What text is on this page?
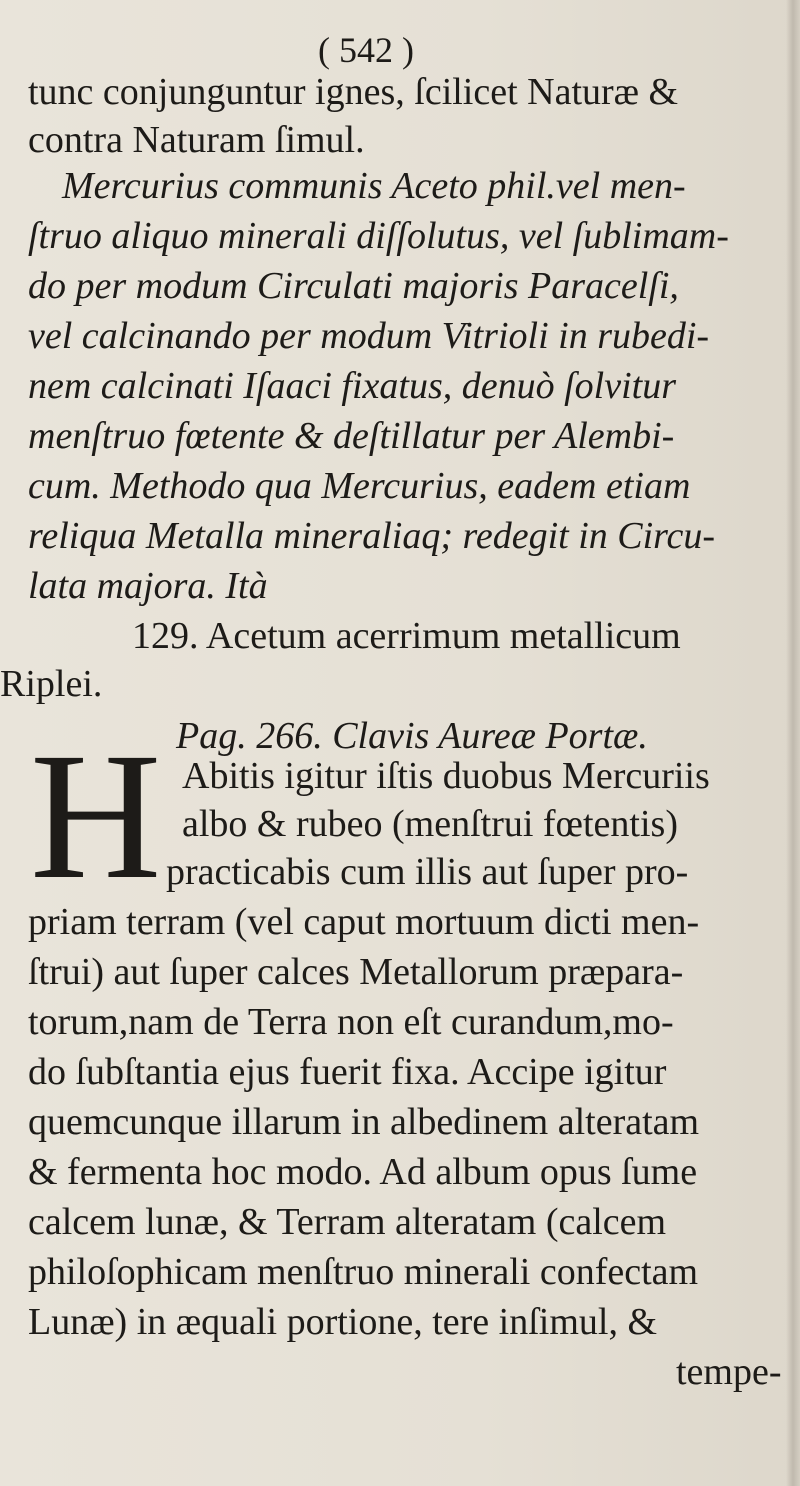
( 542 )
tunc conjunguntur ignes, ſcilicet Naturæ &
contra Naturam ſimul.
Mercurius communis Aceto phil.vel men-
ſtruo aliquo minerali diſſolutus, vel ſublimam-
do per modum Circulati majoris Paracelſi,
vel calcinando per modum Vitrioli in rubedi-
nem calcinati Iſaaci fixatus, denuò ſolvitur
menſtruo fœtente & deſtillatur per Alembi-
cum. Methodo qua Mercurius, eadem etiam
reliqua Metalla mineraliaq; redegit in Circu-
lata majora. Ità
129. Acetum acerrimum metallicum
Riplei.
Pag. 266. Clavis Aureæ Portæ.
H Abitis igitur iſtis duobus Mercuriis
albo & rubeo (menſtrui fœtentis)
practicabis cum illis aut ſuper pro-
priam terram (vel caput mortuum dicti men-
ſtrui) aut ſuper calces Metallorum præpara-
torum,nam de Terra non eſt curandum,mo-
do ſubſtantia ejus fuerit fixa. Accipe igitur
quemcunque illarum in albedinem alteratam
& fermenta hoc modo. Ad album opus ſume
calcem lunæ, & Terram alteratam (calcem
philoſophicam menſtruo minerali confectam
Lunæ) in æquali portione, tere inſimul, &
tempe-
